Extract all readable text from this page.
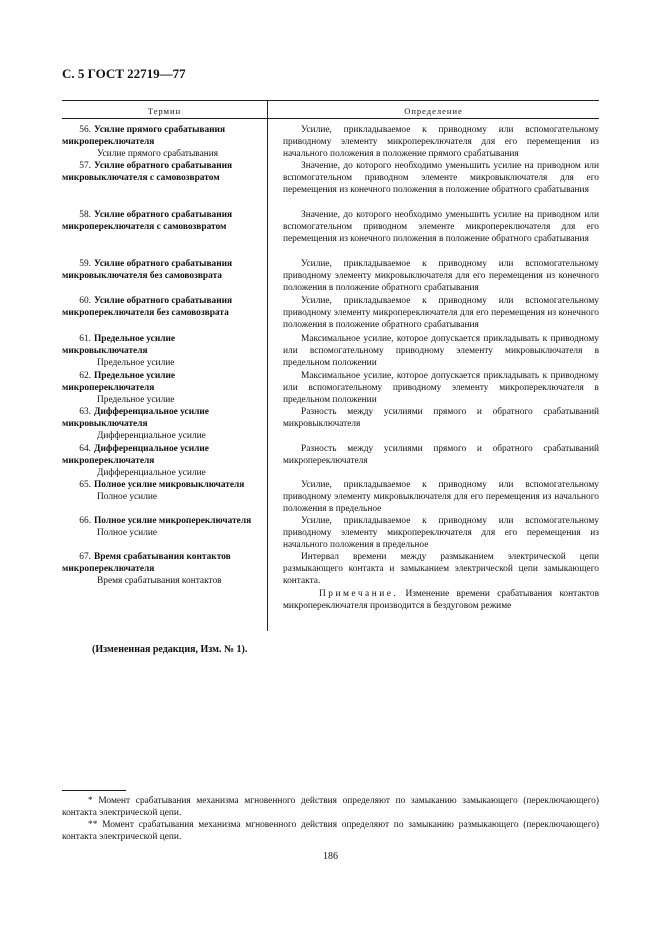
С. 5 ГОСТ 22719—77
Термин	Определение
56. Усилие прямого срабатывания микропереключателя
Усилие прямого срабатывания
Усилие, прикладываемое к приводному или вспомогательному приводному элементу микропереключателя для его перемещения из начального положения в положение прямого срабатывания
57. Усилие обратного срабатывания микровыключателя с самовозвратом
Значение, до которого необходимо уменьшить усилие на приводном или вспомогательном приводном элементе микровыключателя для его перемещения из конечного положения в положение обратного срабатывания
58. Усилие обратного срабатывания микропереключателя с самовозвратом
Значение, до которого необходимо уменьшить усилие на приводном или вспомогательном приводном элементе микропереключателя для его перемещения из конечного положения в положение обратного срабатывания
59. Усилие обратного срабатывания микровыключателя без самовозврата
Усилие, прикладываемое к приводному или вспомогательному приводному элементу микровыключателя для его перемещения из конечного положения в положение обратного срабатывания
60. Усилие обратного срабатывания микропереключателя без самовозврата
Усилие, прикладываемое к приводному или вспомогательному приводному элементу микропереключателя для его перемещения из конечного положения в положение обратного срабатывания
61. Предельное усилие микровыключателя
Предельное усилие
Максимальное усилие, которое допускается прикладывать к приводному или вспомогательному приводному элементу микровыключателя в предельном положении
62. Предельное усилие микропереключателя
Предельное усилие
Максимальное усилие, которое допускается прикладывать к приводному или вспомогательному приводному элементу микропереключателя в предельном положении
63. Дифференциальное усилие микровыключателя
Дифференциальное усилие
Разность между усилиями прямого и обратного срабатываний микровыключателя
64. Дифференциальное усилие микропереключателя
Дифференциальное усилие
Разность между усилиями прямого и обратного срабатываний микропереключателя
65. Полное усилие микровыключателя
Полное усилие
Усилие, прикладываемое к приводному или вспомогательному приводному элементу микровыключателя для его перемещения из начального положения в предельное
66. Полное усилие микропереключателя
Полное усилие
Усилие, прикладываемое к приводному или вспомогательному приводному элементу микропереключателя для его перемещения из начального положения в предельное
67. Время срабатывания контактов микропереключателя
Время срабатывания контактов
Интервал времени между размыканием электрической цепи размыкающего контакта и замыканием электрической цепи замыкающего контакта.
Примечание. Изменение времени срабатывания контактов микропереключателя производится в бездуговом режиме
(Измененная редакция, Изм. № 1).
* Момент срабатывания механизма мгновенного действия определяют по замыканию замыкающего (переключающего) контакта электрической цепи.
** Момент срабатывания механизма мгновенного действия определяют по замыканию размыкающего (переключающего) контакта электрической цепи.
186
